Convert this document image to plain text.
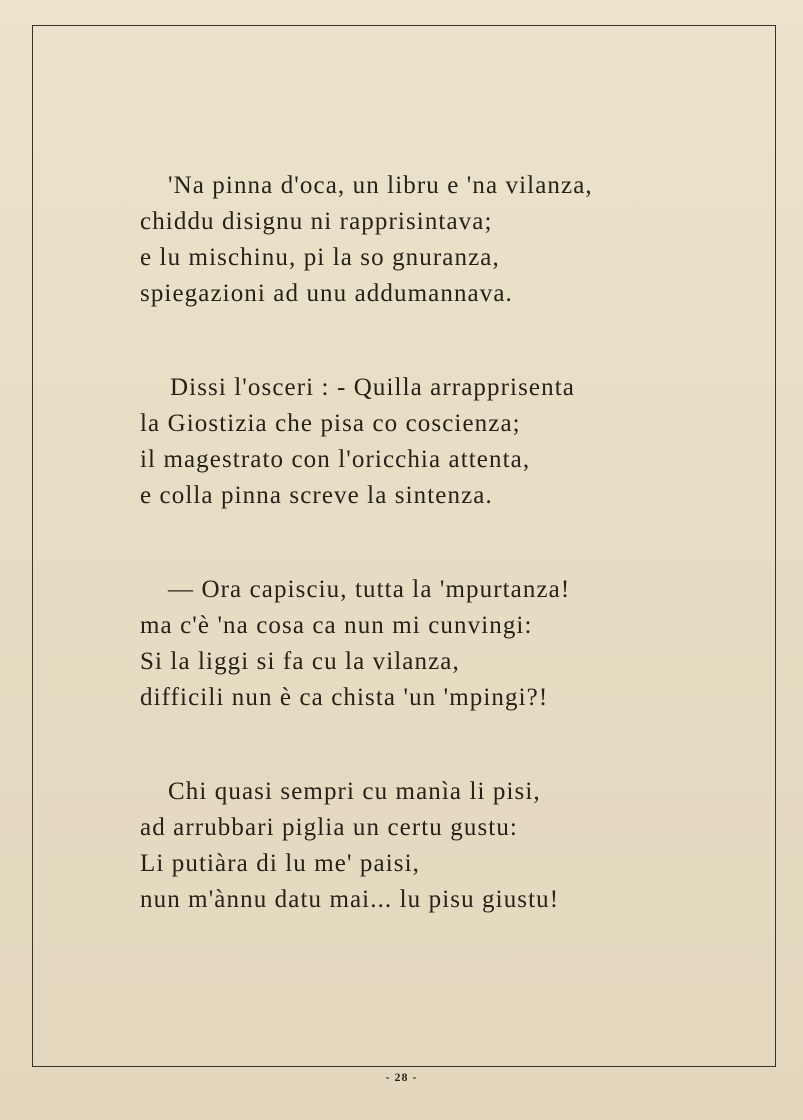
'Na pinna d'oca, un libru e 'na vilanza,
chiddu disignu ni rapprisintava;
e lu mischinu, pi la so gnuranza,
spiegazioni ad unu addumannava.
Dissi l'osceri : - Quilla arrapprisenta
la Giostizia che pisa co coscienza;
il magestrato con l'oricchia attenta,
e colla pinna screve la sintenza.
— Ora capisciu, tutta la 'mpurtanza!
ma c'è 'na cosa ca nun mi cunvingi:
Si la liggi si fa cu la vilanza,
difficili nun è ca chista 'un 'mpingi?!
Chi quasi sempri cu manìa li pisi,
ad arrubbari piglia un certu gustu:
Li putiàra di lu me' paisi,
nun m'ànnu datu mai... lu pisu giustu!
- 28 -
